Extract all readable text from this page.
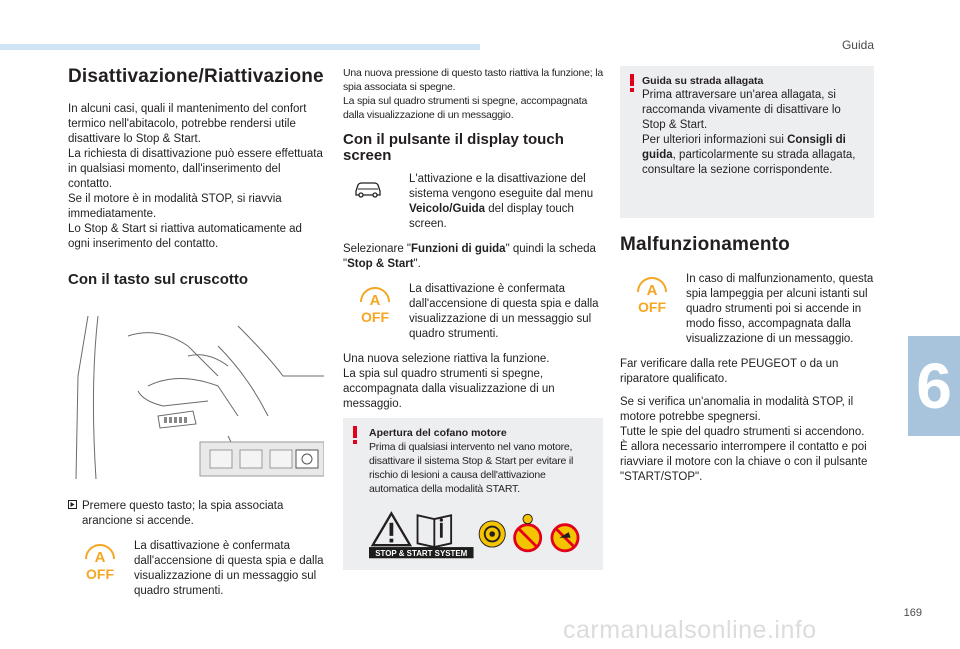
Guida
6
169
carmanualsonline.info
Disattivazione/Riattivazione

In alcuni casi, quali il mantenimento del confort termico nell'abitacolo, potrebbe rendersi utile disattivare lo Stop & Start.

La richiesta di disattivazione può essere effettuata in qualsiasi momento, dall'inserimento del contatto.

Se il motore è in modalità STOP, si riavvia immediatamente.

Lo Stop & Start si riattiva automaticamente ad ogni inserimento del contatto.

Con il tasto sul cruscotto

Premere questo tasto; la spia associata arancione si accende.

A
OFF
La disattivazione è confermata dall'accensione di questa spia e dalla visualizzazione di un messaggio sul quadro strumenti.

Una nuova pressione di questo tasto riattiva la funzione; la spia associata si spegne.

La spia sul quadro strumenti si spegne, accompagnata dalla visualizzazione di un messaggio.

Con il pulsante il display touch screen

L'attivazione e la disattivazione del sistema vengono eseguite dal menu Veicolo/Guida del display touch screen.

Selezionare "Funzioni di guida" quindi la scheda "Stop & Start".

A
OFF
La disattivazione è confermata dall'accensione di questa spia e dalla visualizzazione di un messaggio sul quadro strumenti.

Una nuova selezione riattiva la funzione.

La spia sul quadro strumenti si spegne, accompagnata dalla visualizzazione di un messaggio.

Apertura del cofano motore

Prima di qualsiasi intervento nel vano motore, disattivare il sistema Stop & Start per evitare il rischio di lesioni a causa dell'attivazione automatica della modalità START.

STOP & START SYSTEM

Guida su strada allagata

Prima attraversare un'area allagata, si raccomanda vivamente di disattivare lo Stop & Start.

Per ulteriori informazioni sui Consigli di guida, particolarmente su strada allagata, consultare la sezione corrispondente.

Malfunzionamento
A
OFF
In caso di malfunzionamento, questa spia lampeggia per alcuni istanti sul quadro strumenti poi si accende in modo fisso, accompagnata dalla visualizzazione di un messaggio.

Far verificare dalla rete PEUGEOT o da un riparatore qualificato.

Se si verifica un'anomalia in modalità STOP, il motore potrebbe spegnersi.

Tutte le spie del quadro strumenti si accendono.

È allora necessario interrompere il contatto e poi riavviare il motore con la chiave o con il pulsante "START/STOP".
